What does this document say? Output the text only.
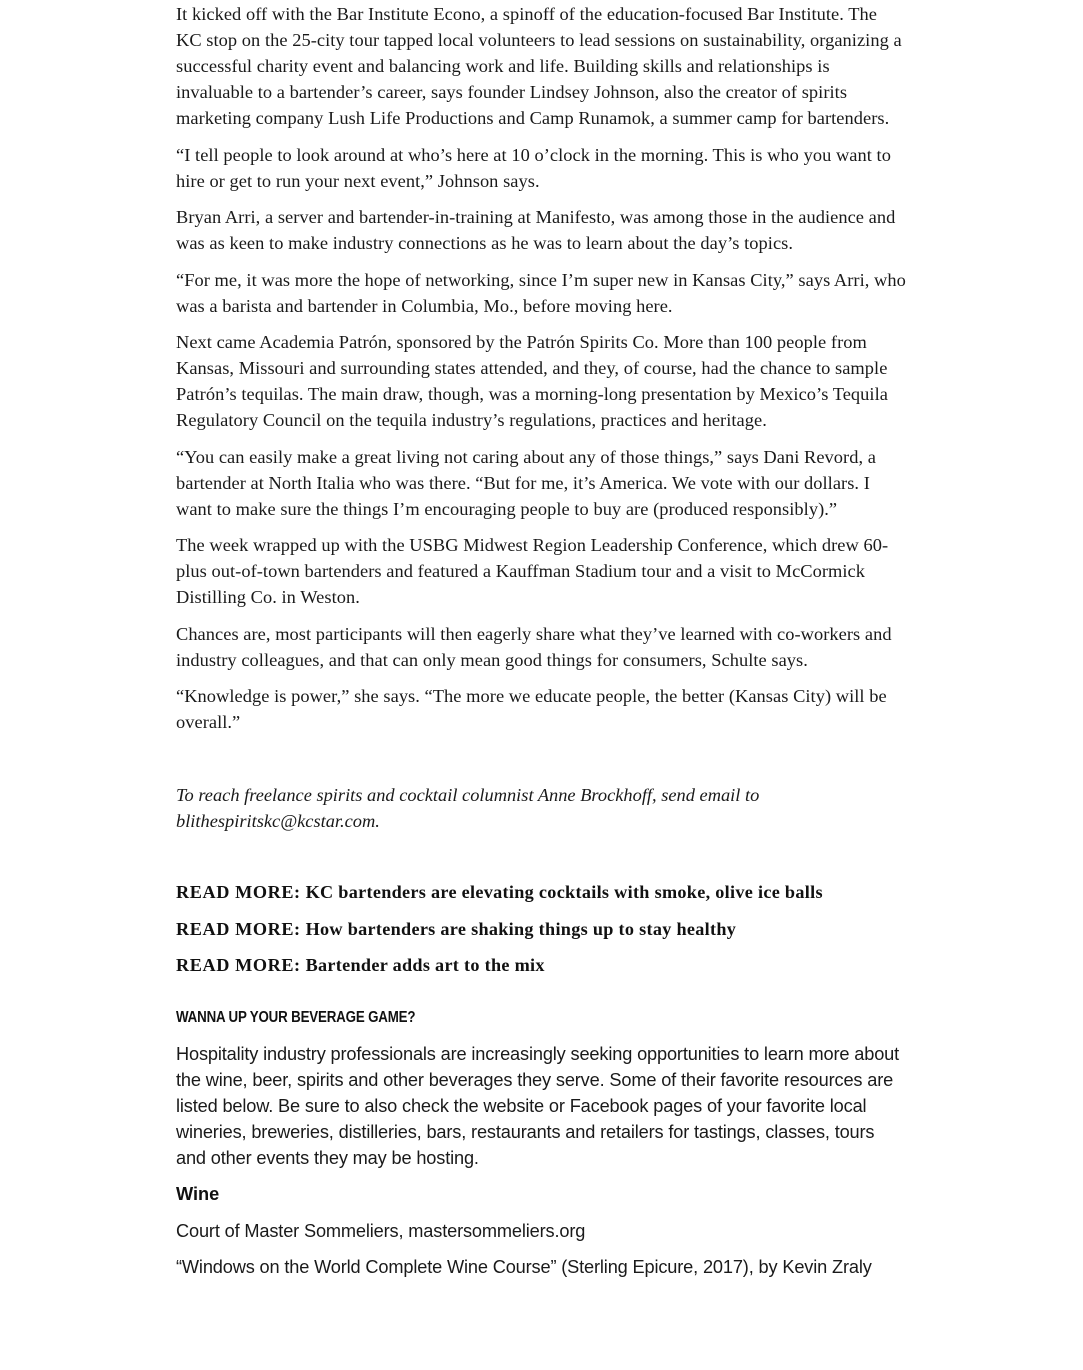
It kicked off with the Bar Institute Econo, a spinoff of the education-focused Bar Institute. The KC stop on the 25-city tour tapped local volunteers to lead sessions on sustainability, organizing a successful charity event and balancing work and life. Building skills and relationships is invaluable to a bartender’s career, says founder Lindsey Johnson, also the creator of spirits marketing company Lush Life Productions and Camp Runamok, a summer camp for bartenders.

“I tell people to look around at who’s here at 10 o’clock in the morning. This is who you want to hire or get to run your next event,” Johnson says.

Bryan Arri, a server and bartender-in-training at Manifesto, was among those in the audience and was as keen to make industry connections as he was to learn about the day’s topics.

“For me, it was more the hope of networking, since I’m super new in Kansas City,” says Arri, who was a barista and bartender in Columbia, Mo., before moving here.

Next came Academia Patrón, sponsored by the Patrón Spirits Co. More than 100 people from Kansas, Missouri and surrounding states attended, and they, of course, had the chance to sample Patrón’s tequilas. The main draw, though, was a morning-long presentation by Mexico’s Tequila Regulatory Council on the tequila industry’s regulations, practices and heritage.

“You can easily make a great living not caring about any of those things,” says Dani Revord, a bartender at North Italia who was there. “But for me, it’s America. We vote with our dollars. I want to make sure the things I’m encouraging people to buy are (produced responsibly).”

The week wrapped up with the USBG Midwest Region Leadership Conference, which drew 60-plus out-of-town bartenders and featured a Kauffman Stadium tour and a visit to McCormick Distilling Co. in Weston.

Chances are, most participants will then eagerly share what they’ve learned with co-workers and industry colleagues, and that can only mean good things for consumers, Schulte says.

“Knowledge is power,” she says. “The more we educate people, the better (Kansas City) will be overall.”

To reach freelance spirits and cocktail columnist Anne Brockhoff, send email to blithespiritskc@kcstar.com.

READ MORE: KC bartenders are elevating cocktails with smoke, olive ice balls
READ MORE: How bartenders are shaking things up to stay healthy
READ MORE: Bartender adds art to the mix
WANNA UP YOUR BEVERAGE GAME?

Hospitality industry professionals are increasingly seeking opportunities to learn more about the wine, beer, spirits and other beverages they serve. Some of their favorite resources are listed below. Be sure to also check the website or Facebook pages of your favorite local wineries, breweries, distilleries, bars, restaurants and retailers for tastings, classes, tours and other events they may be hosting.

Wine

Court of Master Sommeliers, mastersommeliers.org

“Windows on the World Complete Wine Course” (Sterling Epicure, 2017), by Kevin Zraly
